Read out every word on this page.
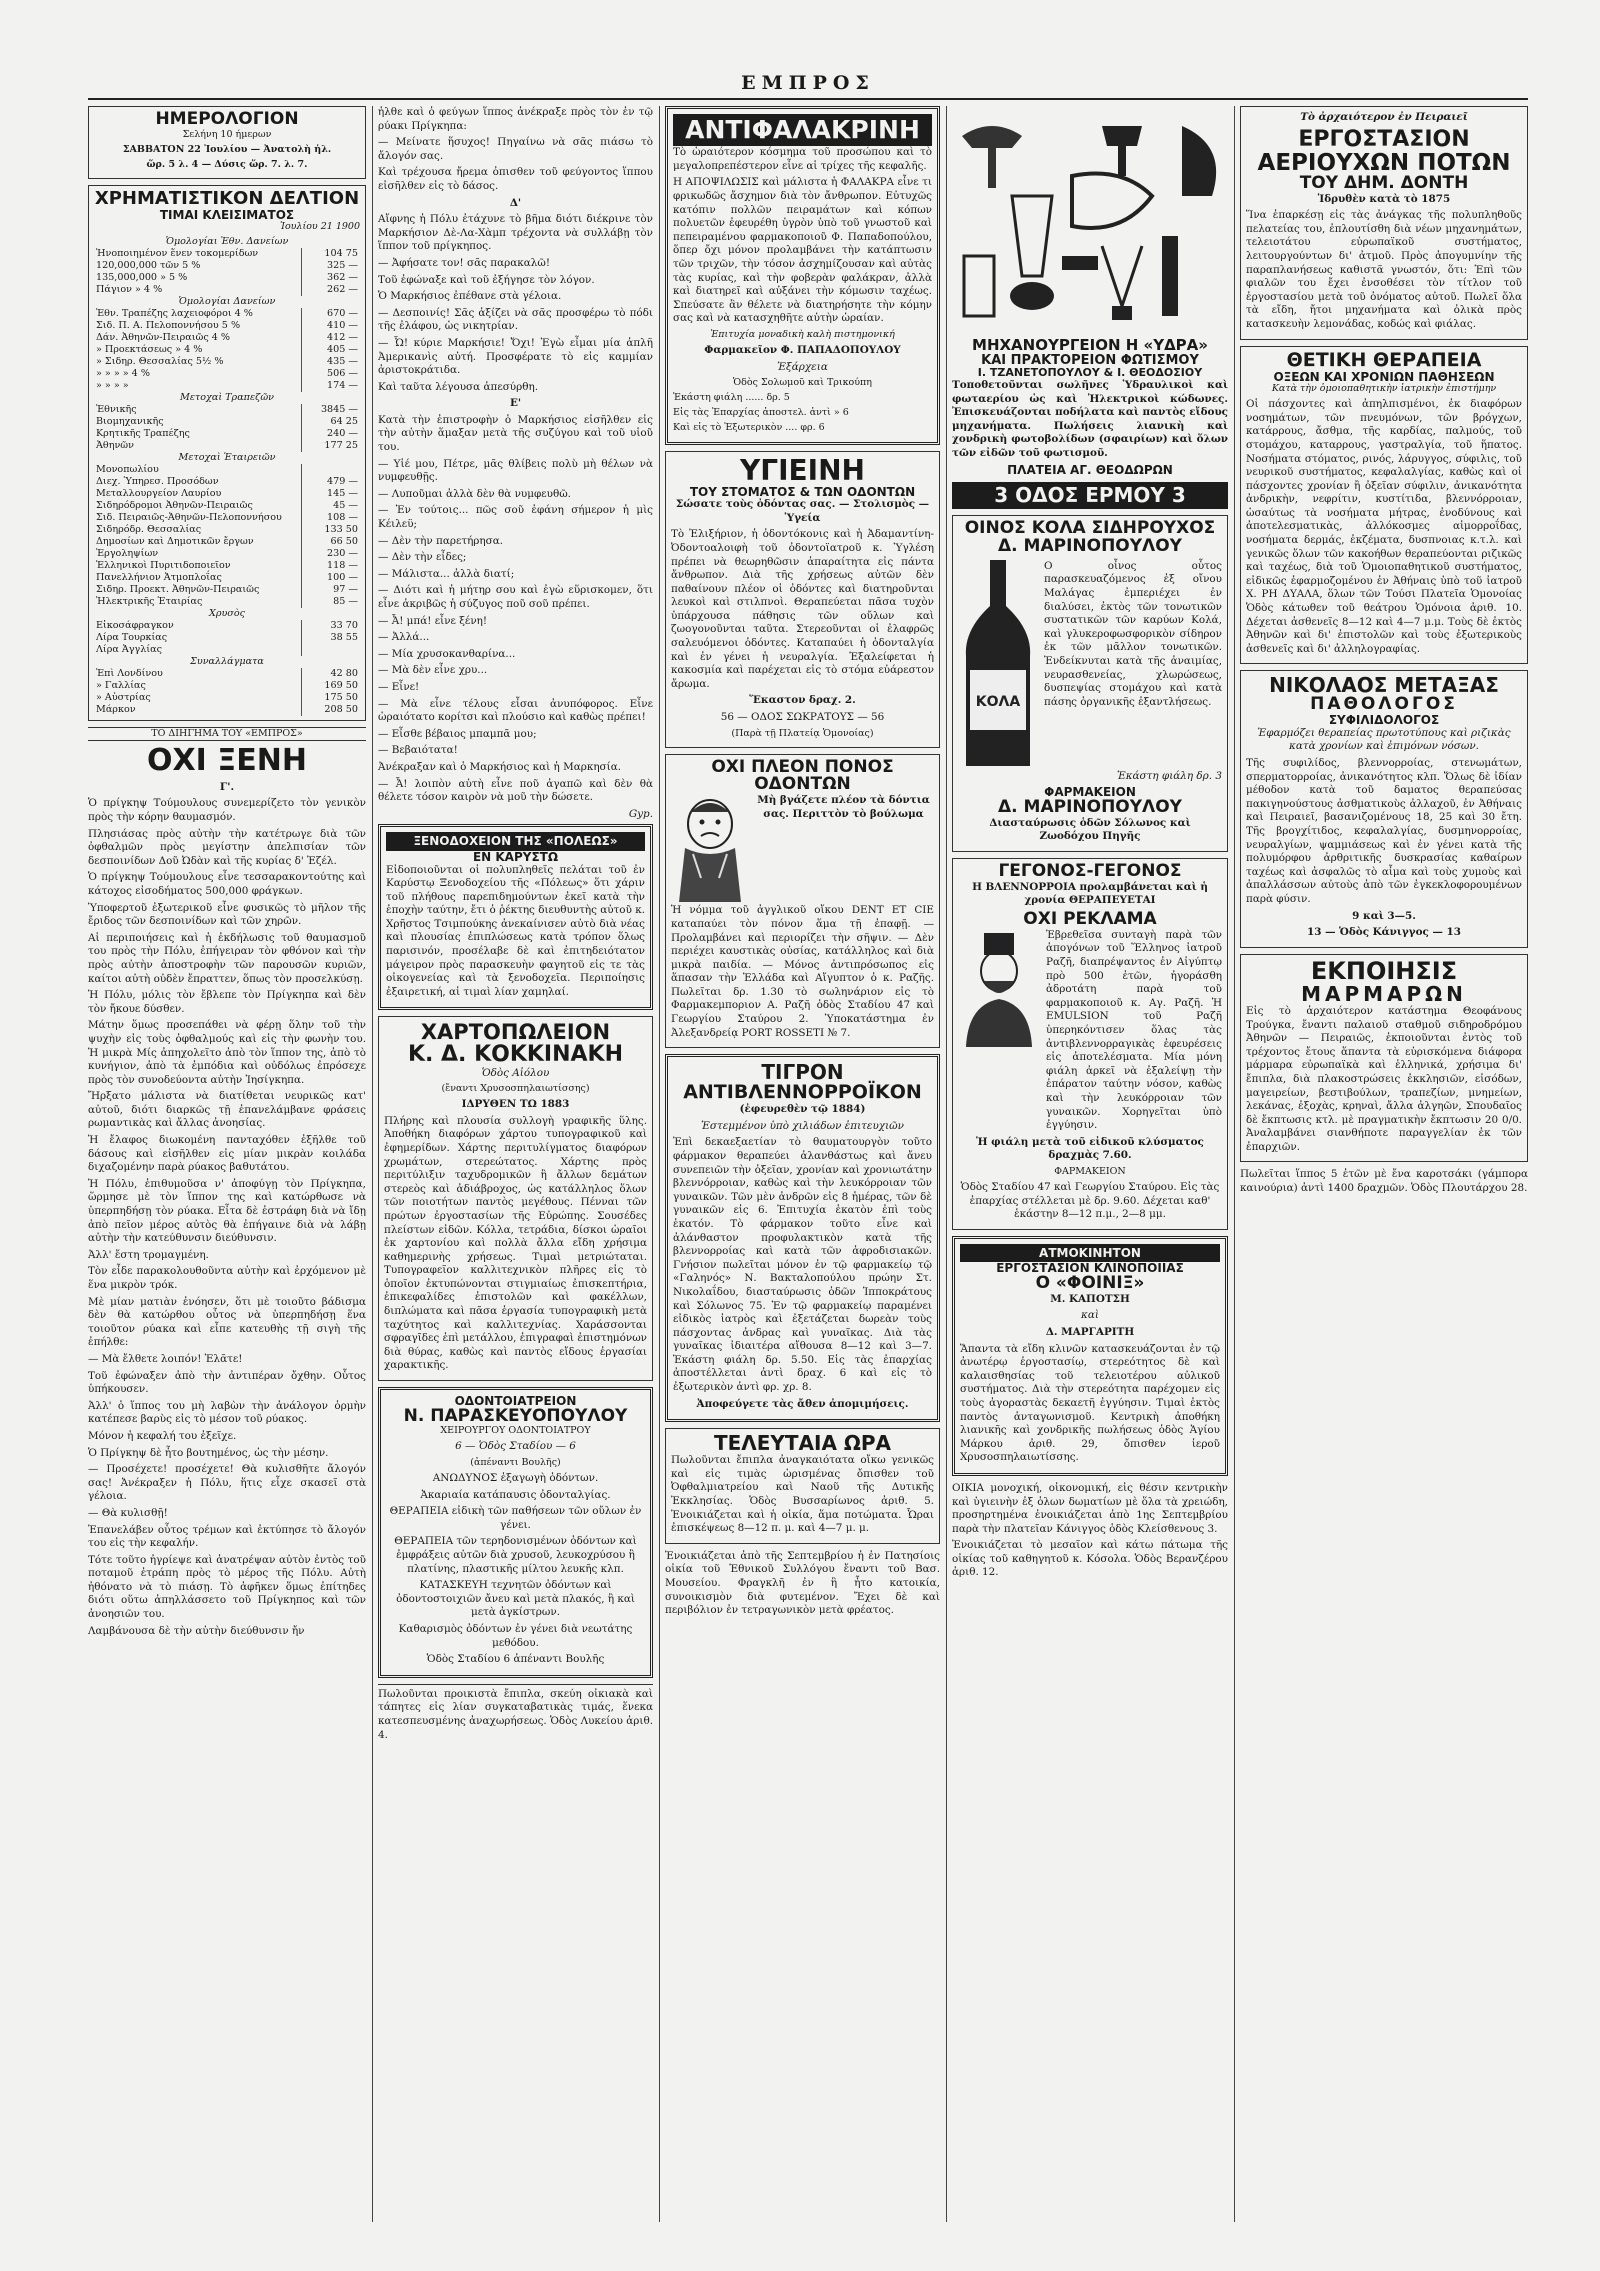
ΕΜΠΡΟΣ
ΗΜΕΡΟΛΟΓΙΟΝ
Σελήνη 10 ήμερων
ΣΑΒΒΑΤΟΝ 22 Ἰουλίου — Ἀνατολὴ ἡλ.
ὥρ. 5 λ. 4 — Δύσις ὥρ. 7. λ. 7.
ΧΡΗΜΑΤΙΣΤΙΚΟΝ ΔΕΛΤΙΟΝ
ΤΙΜΑΙ ΚΛΕΙΣΙΜΑΤΟΣ
Ἰουλίου 21 1900
Ὁμολογίαι Ἐθν. Δανείων	
Ἡνοποιημένον ἕνεν τοκομερίδων	104 75
120,000,000 τῶν 5 %	325 —
135,000,000 » 5 %	362 —
Πάγιον » 4 %	262 —
Ὁμολογίαι Δανείων	
Ἐθν. Τραπέζης λαχειοφόροι 4 %	670 —
Σιδ. Π. Α. Πελοποννήσου 5 %	410 —
Δάν. Ἀθηνῶν-Πειραιῶς 4 %	412 —
» Προεκτάσεως » 4 %	405 —
» Σιδηρ. Θεσσαλίας 5½ %	435 —
» » » » 4 %	506 —
» » » »	174 —
Μετοχαὶ Τραπεζῶν	
Ἐθνικῆς	3845 —
Βιομηχανικῆς	64 25
Κρητικῆς Τραπέζης	240 —
Ἀθηνῶν	177 25
Μετοχαὶ Ἑταιρειῶν	
Μονοπωλίου	
Διεχ. Ὑπηρεσ. Προσόδων	479 —
Μεταλλουργείον Λαυρίου	145 —
Σιδηρόδρομοι Ἀθηνῶν-Πειραιῶς	45 —
Σιδ. Πειραιῶς-Ἀθηνῶν-Πελοποννήσου	108 —
Σιδηρόδρ. Θεσσαλίας	133 50
Δημοσίων καὶ Δημοτικῶν ἔργων	66 50
Ἐργοληψίων	230 —
Ἑλληνικοὶ Πυριτιδοποιεῖον	118 —
Πανελλήνιον Ἀτμοπλοΐας	100 —
Σιδηρ. Προεκτ. Ἀθηνῶν-Πειραιῶς	97 —
Ἠλεκτρικῆς Ἑταιρίας	85 —
Χρυσὸς	
Εἰκοσάφραγκον	33 70
Λίρα Τουρκίας	38 55
Λίρα Ἀγγλίας	
Συναλλάγματα	
Ἐπὶ Λονδίνου	42 80
» Γαλλίας	169 50
» Αὐστρίας	175 50
Μάρκον	208 50
ΤΟ ΔΙΗΓΗΜΑ ΤΟΥ «ΕΜΠΡΟΣ»
ΟΧΙ ΞΕΝΗ
Γ'.
Ὁ πρίγκηψ Τούμουλους συνεμερίζετο τὸν γενικὸν πρὸς τὴν κόρην θαυμασμόν.
Πλησιάσας πρὸς αὐτὴν τὴν κατέτρωγε διὰ τῶν ὀφθαλμῶν πρὸς μεγίστην ἀπελπισίαν τῶν δεσποινίδων Δοῦ Ὠδὰν καὶ τῆς κυρίας δ' Ἐζέλ.
Ὁ πρίγκηψ Τούμουλους εἶνε τεσσαρακοντούτης καὶ κάτοχος εἰσοδήματος 500,000 φράγκων.
Ὑποφερτοῦ ἐξωτερικοῦ εἶνε φυσικῶς τὸ μῆλον τῆς ἔριδος τῶν δεσποινίδων καὶ τῶν χηρῶν.
Αἱ περιποιήσεις καὶ ἡ ἐκδήλωσις τοῦ θαυμασμοῦ του πρὸς τὴν Πόλυ, ἐπήγειραν τὸν φθόνον καὶ τὴν πρὸς αὐτὴν ἀποστροφὴν τῶν παρουσῶν κυριῶν, καίτοι αὐτὴ οὐδὲν ἔπραττεν, ὅπως τὸν προσελκύσῃ.
Ἡ Πόλυ, μόλις τὸν ἔβλεπε τὸν Πρίγκηπα καὶ δὲν τὸν ἤκουε δύσθεν.
Μάτην ὅμως προσεπάθει νὰ φέρῃ ὅλην τοῦ τὴν ψυχὴν εἰς τοὺς ὀφθαλμούς καὶ εἰς τὴν φωνὴν του. Ἡ μικρὰ Μίς ἀπηχολεῖτο ἀπὸ τὸν ἵππον της, ἀπὸ τὸ κυνήγιον, ἀπὸ τὰ ἐμπόδια καὶ οὐδόλως ἐπρόσεχε πρὸς τὸν συνοδεύοντα αὐτὴν Ἰησίγκηπα.
Ἤρξατο μάλιστα νὰ διατίθεται νευρικῶς κατ' αὐτοῦ, διότι διαρκῶς τῇ ἐπανελάμβανε φράσεις ρωμαντικὰς καὶ ἄλλας ἀνοησίας.
Ἡ ἔλαφος διωκομένη πανταχόθεν ἐξῆλθε τοῦ δάσους καὶ εἰσῆλθεν εἰς μίαν μικρὰν κοιλάδα διχαζομένην παρὰ ρύακος βαθυτάτου.
Ἡ Πόλυ, ἐπιθυμοῦσα ν' ἀποφύγῃ τὸν Πρίγκηπα, ὥρμησε μὲ τὸν ἵππον της καὶ κατώρθωσε νὰ ὑπερπηδήσῃ τὸν ρύακα. Εἶτα δὲ ἐστράφη διὰ νὰ ἴδῃ ἀπὸ πεῖον μέρος αὐτὸς θὰ ἐπήγαινε διὰ νὰ λάβῃ αὐτὴν τὴν κατεύθυνσιν διεύθυνσιν.
Ἀλλ' ἔστη τρομαγμένη.
Τὸν εἶδε παρακολουθοῦντα αὐτὴν καὶ ἐρχόμενον μὲ ἕνα μικρὸν τρόκ.
Μὲ μίαν ματιὰν ἐνόησεν, ὅτι μὲ τοιοῦτο βάδισμα δὲν θὰ κατώρθου οὗτος νὰ ὑπερπηδήσῃ ἕνα τοιοῦτον ρύακα καὶ εἶπε κατευθὴς τῇ σιγὴ τῆς ἐπήλθε:
— Μὰ ἔλθετε λοιπόν! Ἐλᾶτε!
Τοῦ ἐφώναξεν ἀπὸ τὴν ἀντιπέραν ὄχθην. Οὗτος ὑπήκουσεν.
Ἀλλ' ὁ ἵππος του μὴ λαβὼν τὴν ἀνάλογον ὁρμὴν κατέπεσε βαρὺς εἰς τὸ μέσον τοῦ ρύακος.
Μόνον ἡ κεφαλή του ἐξεῖχε.
Ὁ Πρίγκηψ δὲ ἦτο βουτημένος, ὡς τὴν μέσην.
— Προσέχετε! προσέχετε! Θὰ κυλισθῆτε ἄλογόν σας! Ἀνέκραξεν ἡ Πόλυ, ἥτις εἶχε σκασεῖ στὰ γέλοια.
— Θὰ κυλισθῇ!
Ἐπανελάβεν οὗτος τρέμων καὶ ἐκτύπησε τὸ ἄλογόν του εἰς τὴν κεφαλήν.
Τότε τοῦτο ἠγρίεψε καὶ ἀνατρέψαν αὐτὸν ἐντὸς τοῦ ποταμοῦ ἐτράπη πρὸς τὸ μέρος τῆς Πόλυ. Αὐτὴ ἠθόνατο νὰ τὸ πιάσῃ. Τὸ ἀφῆκεν ὅμως ἐπίτηδες διότι οὕτω ἀπηλλάσσετο τοῦ Πρίγκηπος καὶ τῶν ἀνοησιῶν του.
Λαμβάνουσα δὲ τὴν αὐτὴν διεύθυνσιν ἤν
ἦλθε καὶ ὁ φεύγων ἵππος ἀνέκραξε πρὸς τὸν ἐν τῷ ρύακι Πρίγκηπα:
— Μείνατε ἥσυχος! Πηγαίνω νὰ σᾶς πιάσω τὸ ἄλογόν σας.
Καὶ τρέχουσα ἤρεμα ὀπισθεν τοῦ φεύγοντος ἵππου εἰσῆλθεν εἰς τὸ δάσος.
Δ'
Αἴφνης ἡ Πόλυ ἐτάχυνε τὸ βῆμα διότι διέκρινε τὸν Μαρκήσιον Δὲ-Λα-Χὰμπ τρέχοντα νὰ συλλάβῃ τὸν ἵππον τοῦ πρίγκηπος.
— Ἀφήσατε τον! σᾶς παρακαλῶ!
Τοῦ ἐφώναξε καὶ τοῦ ἐξήγησε τὸν λόγον.
Ὁ Μαρκήσιος ἐπέθανε στὰ γέλοια.
— Δεσποινίς! Σᾶς ἀξίζει νὰ σᾶς προσφέρω τὸ πόδι τῆς ἐλάφου, ὡς νικητρίαν.
— Ὦ! κύριε Μαρκήσιε! Ὄχι! Ἐγὼ εἶμαι μία ἁπλῆ Ἀμερικανὶς αὐτή. Προσφέρατε τὸ εἰς καμμίαν ἀριστοκράτιδα.
Καὶ ταῦτα λέγουσα ἀπεσύρθη.
Ε'
Κατὰ τὴν ἐπιστροφὴν ὁ Μαρκήσιος εἰσῆλθεν εἰς τὴν αὐτὴν ἅμαξαν μετὰ τῆς συζύγου καὶ τοῦ υἱοῦ του.
— Υἱέ μου, Πέτρε, μᾶς θλίβεις πολὺ μὴ θέλων νὰ νυμφευθῇς.
— Λυποῦμαι ἀλλὰ δὲν θὰ νυμφευθῶ.
— Ἐν τούτοις... πῶς σοῦ ἐφάνη σήμερον ἡ μὶς Κέιλεϋ;
— Δὲν τὴν παρετήρησα.
— Δὲν τὴν εἶδες;
— Μάλιστα... ἀλλὰ διατί;
— Διότι καὶ ἡ μήτηρ σου καὶ ἐγὼ εὕρισκομεν, ὅτι εἶνε ἀκριβῶς ἡ σύζυγος ποῦ σοῦ πρέπει.
— Ἆ! μπά! εἶνε ξένη!
— Ἀλλά...
— Μία χρυσοκανθαρίνα...
— Μὰ δὲν εἶνε χρυ...
— Εἶνε!
— Μὰ εἶνε τέλους εἶσαι ἀνυπόφορος. Εἶνε ὡραιότατο κορίτσι καὶ πλούσιο καὶ καθὼς πρέπει!
— Εἶσθε βέβαιος μπαμπᾶ μου;
— Βεβαιότατα!
Ἀνέκραξαν καὶ ὁ Μαρκήσιος καὶ ἡ Μαρκησία.
— Ἆ! λοιπὸν αὐτὴ εἶνε ποῦ ἀγαπῶ καὶ δὲν θὰ θέλετε τόσον καιρὸν νὰ μοῦ τὴν δώσετε.
Gyp.
ΞΕΝΟΔΟΧΕΙΟΝ ΤΗΣ «ΠΟΛΕΩΣ»
ΕΝ ΚΑΡΥΣΤΩ
Εἰδοποιοῦνται οἱ πολυπληθεῖς πελάται τοῦ ἐν Καρύστῳ Ξενοδοχείου τῆς «Πόλεως» ὅτι χάριν τοῦ πλήθους παρεπιδημούντων ἐκεῖ κατὰ τὴν ἐποχὴν ταύτην, ἔτι ὁ ῥέκτης διευθυντὴς αὐτοῦ κ. Χρῆστος Τσιμπούκης ἀνεκαίνισεν αὐτὸ διὰ νέας καὶ πλουσίας ἐπιπλώσεως κατὰ τρόπον ὅλως παρισινόν, προσέλαβε δὲ καὶ ἐπιτηδειότατον μάγειρον πρὸς παρασκευὴν φαγητοῦ εἰς τε τὰς οἰκογενείας καὶ τὰ ξενοδοχεῖα. Περιποίησις ἐξαιρετική, αἱ τιμαὶ λίαν χαμηλαί.
ΧΑΡΤΟΠΩΛΕΙΟΝ
Κ. Δ. ΚΟΚΚΙΝΑΚΗ
Ὁδὸς Αἰόλου
(ἔναντι Χρυσοσπηλαιωτίσσης)
ΙΔΡΥΘΕΝ ΤΩ 1883
Πλήρης καὶ πλουσία συλλογὴ γραφικῆς ὕλης. Ἀποθήκη διαφόρων χάρτου τυπογραφικοῦ καὶ ἐφημερίδων. Χάρτης περιτυλίγματος διαφόρων χρωμάτων, στερεώτατος. Χάρτης πρὸς περιτύλιξιν ταχυδρομικῶν ἢ ἄλλων δεμάτων στερεὸς καὶ ἀδιάβροχος, ὡς κατάλληλος ὅλων τῶν ποιοτήτων παντὸς μεγέθους. Πένναι τῶν πρώτων ἐργοστασίων τῆς Εὐρώπης. Σουσέδες πλείστων εἰδῶν. Κόλλα, τετράδια, δίσκοι ὡραῖοι ἐκ χαρτονίου καὶ πολλὰ ἄλλα εἴδη χρήσιμα καθημερινὴς χρήσεως. Τιμαὶ μετριώταται. Τυπογραφεῖον καλλιτεχνικὸν πλῆρες εἰς τὸ ὁποῖον ἐκτυπώνονται στιγμιαίως ἐπισκεπτήρια, ἐπικεφαλίδες ἐπιστολῶν καὶ φακέλλων, διπλώματα καὶ πᾶσα ἐργασία τυπογραφικὴ μετὰ ταχύτητος καὶ καλλιτεχνίας. Χαράσσονται σφραγῖδες ἐπὶ μετάλλου, ἐπιγραφαὶ ἐπιστημόνων διὰ θύρας, καθὼς καὶ παντὸς εἴδους ἐργασίαι χαρακτικῆς.
ΟΔΟΝΤΟΙΑΤΡΕΙΟΝ
Ν. ΠΑΡΑΣΚΕΥΟΠΟΥΛΟΥ
ΧΕΙΡΟΥΡΓΟΥ ΟΔΟΝΤΟΙΑΤΡΟΥ
6 — Ὁδὸς Σταδίου — 6
(ἀπέναντι Βουλῆς)
ΑΝΩΔΥΝΟΣ ἐξαγωγὴ ὀδόντων.
Ἀκαριαία κατάπαυσις ὀδονταλγίας.
ΘΕΡΑΠΕΙΑ εἰδικὴ τῶν παθήσεων τῶν οὔλων ἐν γένει.
ΘΕΡΑΠΕΙΑ τῶν τερηδονισμένων ὀδόντων καὶ ἐμφράξεις αὐτῶν διὰ χρυσοῦ, λευκοχρύσου ἢ πλατίνης, πλαστικῆς μίλτου λευκῆς κλπ.
ΚΑΤΑΣΚΕΥΗ τεχνητῶν ὀδόντων καὶ ὀδοντοστοιχιῶν ἄνευ καὶ μετὰ πλακός, ἢ καὶ μετὰ ἀγκίστρων.
Καθαρισμὸς ὀδόντων ἐν γένει διὰ νεωτάτης μεθόδου.
Ὁδὸς Σταδίου 6 ἀπέναντι Βουλῆς
Πωλοῦνται προικιστὰ ἔπιπλα, σκεύη οἰκιακὰ καὶ τάπητες εἰς λίαν συγκαταβατικὰς τιμάς, ἕνεκα κατεσπευσμένης ἀναχωρήσεως. Ὁδὸς Λυκείου ἀριθ. 4.
ΑΝΤΙΦΑΛΑΚΡΙΝΗ
Τὸ ὡραιότερον κόσμημα τοῦ προσώπου καὶ τὸ μεγαλοπρεπέστερον εἶνε αἱ τρίχες τῆς κεφαλῆς.
Η ΑΠΟΨΙΛΩΣΙΣ καὶ μάλιστα ἡ ΦΑΛΑΚΡΑ εἶνε τι φρικωδῶς ἄσχημον διὰ τὸν ἄνθρωπον. Εὐτυχῶς κατόπιν πολλῶν πειραμάτων καὶ κόπων πολυετῶν ἐφευρέθη ὑγρὸν ὑπὸ τοῦ γνωστοῦ καὶ πεπειραμένου φαρμακοποιοῦ Φ. Παπαδοπούλου, ὅπερ ὄχι μόνον προλαμβάνει τὴν κατάπτωσιν τῶν τριχῶν, τὴν τόσον ἀσχημίζουσαν καὶ αὐτὰς τὰς κυρίας, καὶ τὴν φοβερὰν φαλάκραν, ἀλλὰ καὶ διατηρεῖ καὶ αὐξάνει τὴν κόμωσιν ταχέως. Σπεύσατε ἂν θέλετε νὰ διατηρήσητε τὴν κόμην σας καὶ νὰ κατασχηθῆτε αὐτὴν ὡραίαν.
Ἐπιτυχία μοναδικὴ καλὴ πιστημονική
Φαρμακεῖον Φ. ΠΑΠΑΔΟΠΟΥΛΟΥ
Ἐξάρχεια
Ὁδὸς Σολωμοῦ καὶ Τρικούπη
Ἑκάστη φιάλη ...... δρ. 5
Εἰς τὰς Ἐπαρχίας ἀποστελ. ἀντὶ » 6
Καὶ εἰς τὸ Ἐξωτερικὸν .... φρ. 6
ΥΓΙΕΙΝΗ
ΤΟΥ ΣΤΟΜΑΤΟΣ & ΤΩΝ ΟΔΟΝΤΩΝ
Σώσατε τοὺς ὀδόντας σας. — Στολισμὸς — Ὑγεία
Τὸ Ἐλιξήριον, ἡ ὀδοντόκονις καὶ ἡ Ἀδαμαντίνη-Ὀδοντοαλοιφὴ τοῦ ὀδοντοϊατροῦ κ. Ὑγλέση πρέπει νὰ θεωρηθῶσιν ἀπαραίτητα εἰς πάντα ἄνθρωπον. Διὰ τῆς χρήσεως αὐτῶν δὲν παθαίνουν πλέον οἱ ὀδόντες καὶ διατηροῦνται λευκοὶ καὶ στιλπνοὶ. Θεραπεύεται πᾶσα τυχὸν ὑπάρχουσα πάθησις τῶν οὔλων καὶ ζωογονοῦνται ταῦτα. Στερεοῦνται οἱ ἐλαφρῶς σαλευόμενοι ὀδόντες. Καταπαύει ἡ ὀδονταλγία καὶ ἐν γένει ἡ νευραλγία. Ἐξαλείφεται ἡ κακοσμία καὶ παρέχεται εἰς τὸ στόμα εὐάρεστον ἄρωμα.
Ἕκαστον δραχ. 2.
56 — ΟΔΟΣ ΣΩΚΡΑΤΟΥΣ — 56
(Παρὰ τῇ Πλατείᾳ Ὁμονοίας)
ΟΧΙ ΠΛΕΟΝ ΠΟΝΟΣ ΟΔΟΝΤΩΝ
Μὴ βγάζετε πλέον τὰ δόντια σας. Περιττὸν τὸ βούλωμα
Ἡ νόμμα τοῦ ἀγγλικοῦ οἴκου DENT ET CIE καταπαύει τὸν πόνον ἅμα τῇ ἐπαφῇ. — Προλαμβάνει καὶ περιορίζει τὴν σῆψιν. — Δὲν περιέχει καυστικὰς οὐσίας, κατάλληλος καὶ διὰ μικρὰ παιδία. — Μόνος ἀντιπρόσωπος εἰς ἅπασαν τὴν Ἑλλάδα καὶ Αἴγυπτον ὁ κ. Ραζῆς. Πωλεῖται δρ. 1.30 τὸ σωληνάριον εἰς τὸ Φαρμακεμποριον Α. Ραζῆ ὁδὸς Σταδίου 47 καὶ Γεωργίου Σταύρου 2. Ὑποκατάστημα ἐν Ἀλεξανδρείᾳ PORT ROSSETI № 7.
ΤΙΓΡΟΝ
ΑΝΤΙΒΛΕΝΝΟΡΡΟΪΚΟΝ
(ἐφευρεθὲν τῷ 1884)
Ἐστεμμένον ὑπὸ χιλιάδων ἐπιτευχιῶν
Ἐπὶ δεκαεξαετίαν τὸ θαυματουργὸν τοῦτο φάρμακον θεραπεύει ἀλανθάστως καὶ ἄνευ συνεπειῶν τὴν ὀξεῖαν, χρονίαν καὶ χρονιωτάτην βλεννόρροιαν, καθὼς καὶ τὴν λευκόρροιαν τῶν γυναικῶν. Τῶν μὲν ἀνδρῶν εἰς 8 ἡμέρας, τῶν δὲ γυναικῶν εἰς 6. Ἐπιτυχία ἑκατὸν ἐπὶ τοὺς ἑκατόν. Τὸ φάρμακον τοῦτο εἶνε καὶ ἀλάνθαστον προφυλακτικὸν κατὰ τῆς βλεννορροίας καὶ κατὰ τῶν ἀφροδισιακῶν. Γνήσιον πωλεῖται μόνον ἐν τῷ φαρμακείῳ τῷ «Γαληνός» Ν. Βακταλοπούλου πρώην Στ. Νικολαΐδου, διασταύρωσις ὁδῶν Ἱπποκράτους καὶ Σόλωνος 75. Ἐν τῷ φαρμακείῳ παραμένει εἰδικὸς ἰατρὸς καὶ ἐξετάζεται δωρεὰν τοὺς πάσχοντας ἀνδρας καὶ γυναῖκας. Διὰ τὰς γυναῖκας ἰδιαιτέρα αἴθουσα 8—12 καὶ 3—7. Ἑκάστη φιάλη δρ. 5.50. Εἰς τὰς ἐπαρχίας ἀποστέλλεται ἀντὶ δραχ. 6 καὶ εἰς τὸ ἐξωτερικὸν ἀντὶ φρ. χρ. 8.
Ἀποφεύγετε τὰς ἄθεν ἀπομιμήσεις.
ΤΕΛΕΥΤΑΙΑ ΩΡΑ
Πωλοῦνται ἔπιπλα ἀναγκαιότατα οἴκω γενικῶς καὶ εἰς τιμὰς ὡρισμένας ὄπισθεν τοῦ Ὀφθαλμιατρείου καὶ Ναοῦ τῆς Δυτικῆς Ἐκκλησίας. Ὁδὸς Βυσσαρίωνος ἀριθ. 5. Ἐνοικιάζεται καὶ ἡ οἰκία, ἅμα ποτώματα. Ὧραι ἐπισκέψεως 8—12 π. μ. καὶ 4—7 μ. μ.
Ἐνοικιάζεται ἀπὸ τῆς Σεπτεμβρίου ἡ ἐν Πατησίοις οἰκία τοῦ Ἐθνικοῦ Συλλόγου ἔναντι τοῦ Βασ. Μουσείου. Φραγκλῆ ἐν ἣ ἦτο κατοικία, συνοικισμὸν διὰ φυτεμένον. Ἔχει δὲ καὶ περιβόλιον ἐν τετραγωνικὸν μετὰ φρέατος.
ΜΗΧΑΝΟΥΡΓΕΙΟΝ Η «ΥΔΡΑ»
ΚΑΙ ΠΡΑΚΤΟΡΕΙΟΝ ΦΩΤΙΣΜΟΥ
Ι. ΤΖΑΝΕΤΟΠΟΥΛΟΥ & Ι. ΘΕΟΔΟΣΙΟΥ
Τοποθετοῦνται σωλῆνες Ὑδραυλικοὶ καὶ φωταερίου ὡς καὶ Ἠλεκτρικοὶ κώδωνες. Ἐπισκευάζονται ποδήλατα καὶ παντὸς εἴδους μηχανήματα. Πωλήσεις λιανικὴ καὶ χονδρικὴ φωτοβολίδων (σφαιρίων) καὶ ὅλων τῶν εἰδῶν τοῦ φωτισμοῦ.
ΠΛΑΤΕΙΑ ΑΓ. ΘΕΟΔΩΡΩΝ
3 ΟΔΟΣ ΕΡΜΟΥ 3
ΟΙΝΟΣ ΚΟΛΑ ΣΙΔΗΡΟΥΧΟΣ
Δ. ΜΑΡΙΝΟΠΟΥΛΟΥ
ΚΟΛΑ
Ο οἶνος οὗτος παρασκευαζόμενος ἐξ οἴνου Μαλάγας ἐμπεριέχει ἐν διαλύσει, ἐκτὸς τῶν τονωτικῶν συστατικῶν τῶν καρύων Κολά, καὶ γλυκεροφωσφορικὸν σίδηρον ἐκ τῶν μᾶλλον τονωτικῶν. Ἐνδείκνυται κατὰ τῆς ἀναιμίας, νευρασθενείας, χλωρώσεως, δυσπεψίας στομάχου καὶ κατὰ πάσης ὀργανικῆς ἐξαντλήσεως.
Ἑκάστη φιάλη δρ. 3
ΦΑΡΜΑΚΕΙΟΝ
Δ. ΜΑΡΙΝΟΠΟΥΛΟΥ
Διασταύρωσις ὁδῶν Σόλωνος καὶ Ζωοδόχου Πηγῆς
ΓΕΓΟΝΟΣ-ΓΕΓΟΝΟΣ
Η ΒΛΕΝΝΟΡΡΟΙΑ προλαμβάνεται καὶ ἡ χρονία ΘΕΡΑΠΕΥΕΤΑΙ
ΟΧΙ ΡΕΚΛΑΜΑ
Ἐβρεθεῖσα συνταγὴ παρὰ τῶν ἀπογόνων τοῦ Ἕλληνος ἰατροῦ Ραζῆ, διαπρέψαντος ἐν Αἰγύπτῳ πρὸ 500 ἐτῶν, ἠγοράσθη ἀδροτάτη παρὰ τοῦ φαρμακοποιοῦ κ. Αγ. Ραζῆ. Ἡ EMULSION τοῦ Ραζῆ ὑπερηκόντισεν ὅλας τὰς ἀντιβλεννορραγικὰς ἐφευρέσεις εἰς ἀποτελέσματα. Μία μόνη φιάλη ἀρκεῖ νὰ ἐξαλείψῃ τὴν ἐπάρατον ταύτην νόσον, καθὼς καὶ τὴν λευκόρροιαν τῶν γυναικῶν. Χορηγεῖται ὑπὸ ἐγγύησιν.
Ἡ φιάλη μετὰ τοῦ εἰδικοῦ κλύσματος δραχμὰς 7.60.
ΦΑΡΜΑΚΕΙΟΝ
Ὁδὸς Σταδίου 47 καὶ Γεωργίου Σταύρου. Εἰς τὰς ἐπαρχίας στέλλεται μὲ δρ. 9.60. Δέχεται καθ' ἑκάστην 8—12 π.μ., 2—8 μμ.
ΑΤΜΟΚΙΝΗΤΟΝ
ΕΡΓΟΣΤΑΣΙΟΝ ΚΛΙΝΟΠΟΙΪΑΣ
Ο «ΦΟΙΝΙΞ»
Μ. ΚΑΠΟΤΣΗ
καὶ
Δ. ΜΑΡΓΑΡΙΤΗ
Ἅπαντα τὰ εἴδη κλινῶν κατασκευάζονται ἐν τῷ ἀνωτέρῳ ἐργοστασίῳ, στερεότητος δὲ καὶ καλαισθησίας τοῦ τελειοτέρου αὐλικοῦ συστήματος. Διὰ τὴν στερεότητα παρέχομεν εἰς τοὺς ἀγοραστὰς δεκαετῆ ἐγγύησιν. Τιμαὶ ἐκτὸς παντὸς ἀνταγωνισμοῦ. Κεντρικὴ ἀποθήκη λιανικῆς καὶ χονδρικῆς πωλήσεως ὁδὸς Ἁγίου Μάρκου ἀριθ. 29, ὄπισθεν ἱεροῦ Χρυσοσπηλαιωτίσσης.
ΟΙΚΙΑ μονοχική, οἰκονομική, εἰς θέσιν κεντρικὴν καὶ ὑγιεινὴν ἐξ ὁλων δωματίων μὲ ὅλα τὰ χρειώδη, προσηρτημένα ἐνοικιάζεται ἀπὸ 1ης Σεπτεμβρίου παρὰ τὴν πλατεῖαν Κάνιγγος ὁδὸς Κλείσθενους 3.
Ἐνοικιάζεται τὸ μεσαῖον καὶ κάτω πάτωμα τῆς οἰκίας τοῦ καθηγητοῦ κ. Κόσολα. Ὁδὸς Βερανζέρου ἀριθ. 12.
Τὸ ἀρχαιότερον ἐν Πειραιεῖ
ΕΡΓΟΣΤΑΣΙΟΝ
ΑΕΡΙΟΥΧΩΝ ΠΟΤΩΝ
ΤΟΥ ΔΗΜ. ΔΟΝΤΗ
Ἱδρυθὲν κατὰ τὸ 1875
Ἵνα ἐπαρκέσῃ εἰς τὰς ἀνάγκας τῆς πολυπληθοῦς πελατείας του, ἐπλουτίσθη διὰ νέων μηχανημάτων, τελειοτάτου εὐρωπαϊκοῦ συστήματος, λειτουργούντων δι' ἀτμοῦ. Πρὸς ἀπογυμνίην τῆς παραπλανήσεως καθιστᾶ γνωστόν, ὅτι: Ἐπὶ τῶν φιαλῶν του ἔχει ἐνσοθέσει τὸν τίτλον τοῦ ἐργοστασίου μετὰ τοῦ ὀνόματος αὐτοῦ. Πωλεῖ ὅλα τὰ εἴδη, ἤτοι μηχανήματα καὶ ὀλικὰ πρὸς κατασκευὴν λεμονάδας, κοδώς καὶ φιάλας.
ΘΕΤΙΚΗ ΘΕΡΑΠΕΙΑ
ΟΞΕΩΝ ΚΑΙ ΧΡΟΝΙΩΝ ΠΑΘΗΣΕΩΝ
Κατὰ τὴν ὁμοιοπαθητικὴν ἰατρικὴν ἐπιστήμην
Οἱ πάσχοντες καὶ ἀπηλπισμένοι, ἐκ διαφόρων νοσημάτων, τῶν πνευμόνων, τῶν βρόγχων, κατάρρους, ἄσθμα, τῆς καρδίας, παλμούς, τοῦ στομάχου, καταρρους, γαστραλγία, τοῦ ἥπατος. Νοσήματα στόματος, ρινός, λάρυγγος, σύφιλις, τοῦ νευρικοῦ συστήματος, κεφαλαλγίας, καθὼς καὶ οἱ πάσχοντες χρονίαν ἢ ὀξεῖαν σύφιλιν, ἀνικανότητα ἀνδρικὴν, νεφρίτιν, κυστίτιδα, βλεννόρροιαν, ὡσαύτως τὰ νοσήματα μήτρας, ἐνοδύνους καὶ ἀποτελεσματικὰς, ἀλλόκοσμες αἱμορροΐδας, νοσήματα δερμάς, ἐκζέματα, δυσπνοιας κ.τ.λ. καὶ γενικῶς ὅλων τῶν κακοήθων θεραπεύονται ριζικῶς καὶ ταχέως, διὰ τοῦ Ὁμοιοπαθητικοῦ συστήματος, εἰδικῶς ἐφαρμοζομένου ἐν Ἀθήναις ὑπὸ τοῦ ἰατροῦ Χ. ΡΗ ΔΥΑΛΑ, ὅλων τῶν Τούσι Πλατεῖα Ὁμονοίας Ὁδὸς κάτωθεν τοῦ θεάτρου Ὁμόνοια ἀριθ. 10. Δέχεται ἀσθενεῖς 8—12 καὶ 4—7 μ.μ. Τοὺς δὲ ἐκτὸς Ἀθηνῶν καὶ δι' ἐπιστολῶν καὶ τοὺς ἐξωτερικοὺς ἀσθενεῖς καὶ δι' ἀλληλογραφίας.
ΝΙΚΟΛΑΟΣ ΜΕΤΑΞΑΣ
ΠΑΘΟΛΟΓΟΣ
ΣΥΦΙΛΙΔΟΛΟΓΟΣ
Ἐφαρμόζει θεραπείας πρωτοτύπους καὶ ριζικὰς κατὰ χρονίων καὶ ἐπιμόνων νόσων.
Τῆς συφιλίδος, βλεννορροίας, στενωμάτων, σπερματορροίας, ἀνικανότητος κλπ. Ὅλως δὲ ἰδίαν μέθοδον κατὰ τοῦ δαματος θεραπεύσας πακιγηνούστους ἀσθματικοὺς ἀλλαχοῦ, ἐν Ἀθήναις καὶ Πειραιεῖ, βασανιζομένους 18, 25 καὶ 30 ἔτη. Τῆς βρογχίτιδος, κεφαλαλγίας, δυσμηνορροίας, νευραλγίων, ψαμμιάσεως καὶ ἐν γένει κατὰ τῆς πολυμόρφου ἀρθριτικῆς δυσκρασίας καθαίρων ταχέως καὶ ἀσφαλῶς τὸ αἷμα καὶ τοὺς χυμοὺς καὶ ἀπαλλάσσων αὐτοὺς ἀπὸ τῶν ἐγκεκλοφορουμένων παρὰ φύσιν.
9 καὶ 3—5.
13 — Ὁδὸς Κάνιγγος — 13
ΕΚΠΟΙΗΣΙΣ
ΜΑΡΜΑΡΩΝ
Εἰς τὸ ἀρχαιότερον κατάστημα Θεοφάνους Τρούγκα, ἔναντι παλαιοῦ σταθμοῦ σιδηροδρόμου Ἀθηνῶν — Πειραιῶς, ἐκποιοῦνται ἐντὸς τοῦ τρέχοντος ἔτους ἅπαντα τὰ εὑρισκόμενα διάφορα μάρμαρα εὐρωπαϊκὰ καὶ ἑλληνικά, χρήσιμα δι' ἔπιπλα, διὰ πλακοστρώσεις ἐκκλησιῶν, εἰσόδων, μαγειρείων, βεστιβούλων, τραπεζίων, μνημείων, λεκάνας, ἐξοχὰς, κρηναὶ, ἄλλα ἀλγηῶν, Σπουδαῖος δὲ ἔκπτωσις κτλ. μὲ πραγματικὴν ἔκπτωσιν 20 0/0. Ἀναλαμβάνει σιανθήποτε παραγγελίαν ἐκ τῶν ἐπαρχιῶν.
Πωλεῖται ἵππος 5 ἐτῶν μὲ ἔνα καροτσάκι (γάμπορα καινούρια) ἀντὶ 1400 δραχμῶν. Ὁδὸς Πλουτάρχου 28.
